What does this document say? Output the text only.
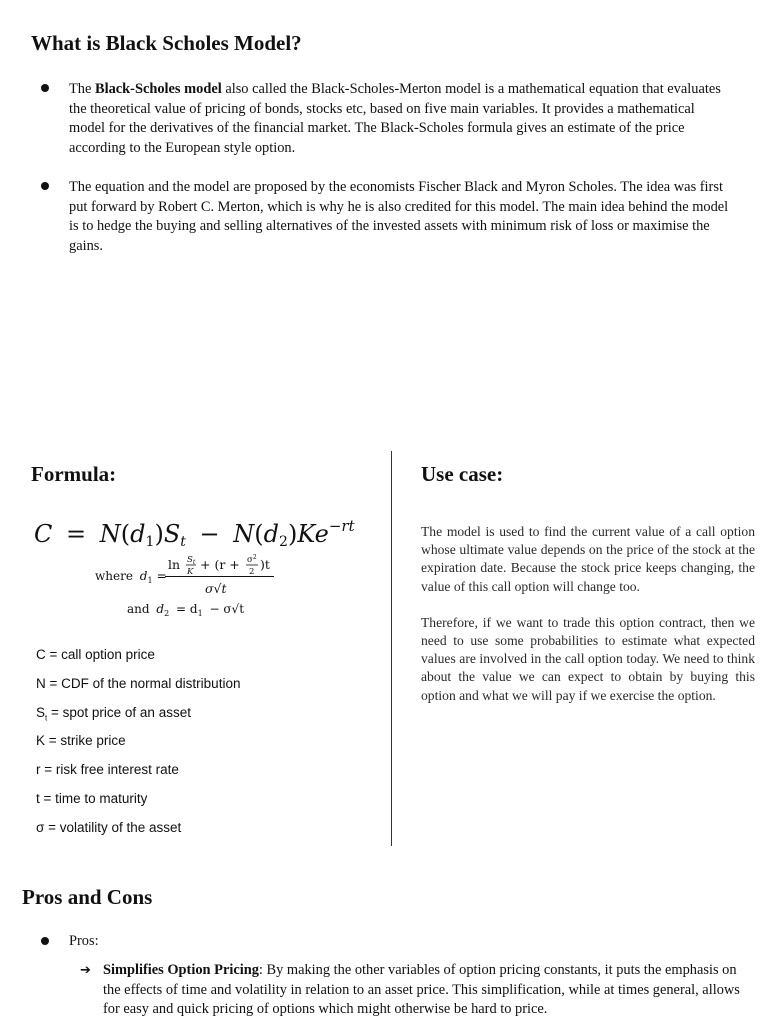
What is Black Scholes Model?
The Black-Scholes model also called the Black-Scholes-Merton model is a mathematical equation that evaluates the theoretical value of pricing of bonds, stocks etc, based on five main variables. It provides a mathematical model for the derivatives of the financial market. The Black-Scholes formula gives an estimate of the price according to the European style option.
The equation and the model are proposed by the economists Fischer Black and Myron Scholes. The idea was first put forward by Robert C. Merton, which is why he is also credited for this model. The main idea behind the model is to hedge the buying and selling alternatives of the invested assets with minimum risk of loss or maximise the gains.
Formula:
$C = N(d1)St - N(d2)Ke^{-rt}$
where $d_1$ =
$\ln S_t$
$K + (r + \sigma^2$
2 )t
σ√t
and $d_2 = d_1 - \sigma√t$
C = call option price
N = CDF of the normal distribution
$S_t$ = spot price of an asset
K = strike price
r = risk free interest rate
t = time to maturity
σ = volatility of the asset
Use case:

The model is used to find the current value of a call option whose ultimate value depends on the price of the stock at the expiration date. Because the stock price keeps changing, the value of this call option will change too.

Therefore, if we want to trade this option contract, then we need to use some probabilities to estimate what expected values are involved in the call option today. We need to think about the value we can expect to obtain by buying this option and what we will pay if we exercise the option.

Pros and Cons
Pros:
➔ Simplifies Option Pricing: By making the other variables of option pricing constants, it puts the emphasis on the effects of time and volatility in relation to an asset price. This simplification, while at times general, allows for easy and quick pricing of options which might otherwise be hard to price.
